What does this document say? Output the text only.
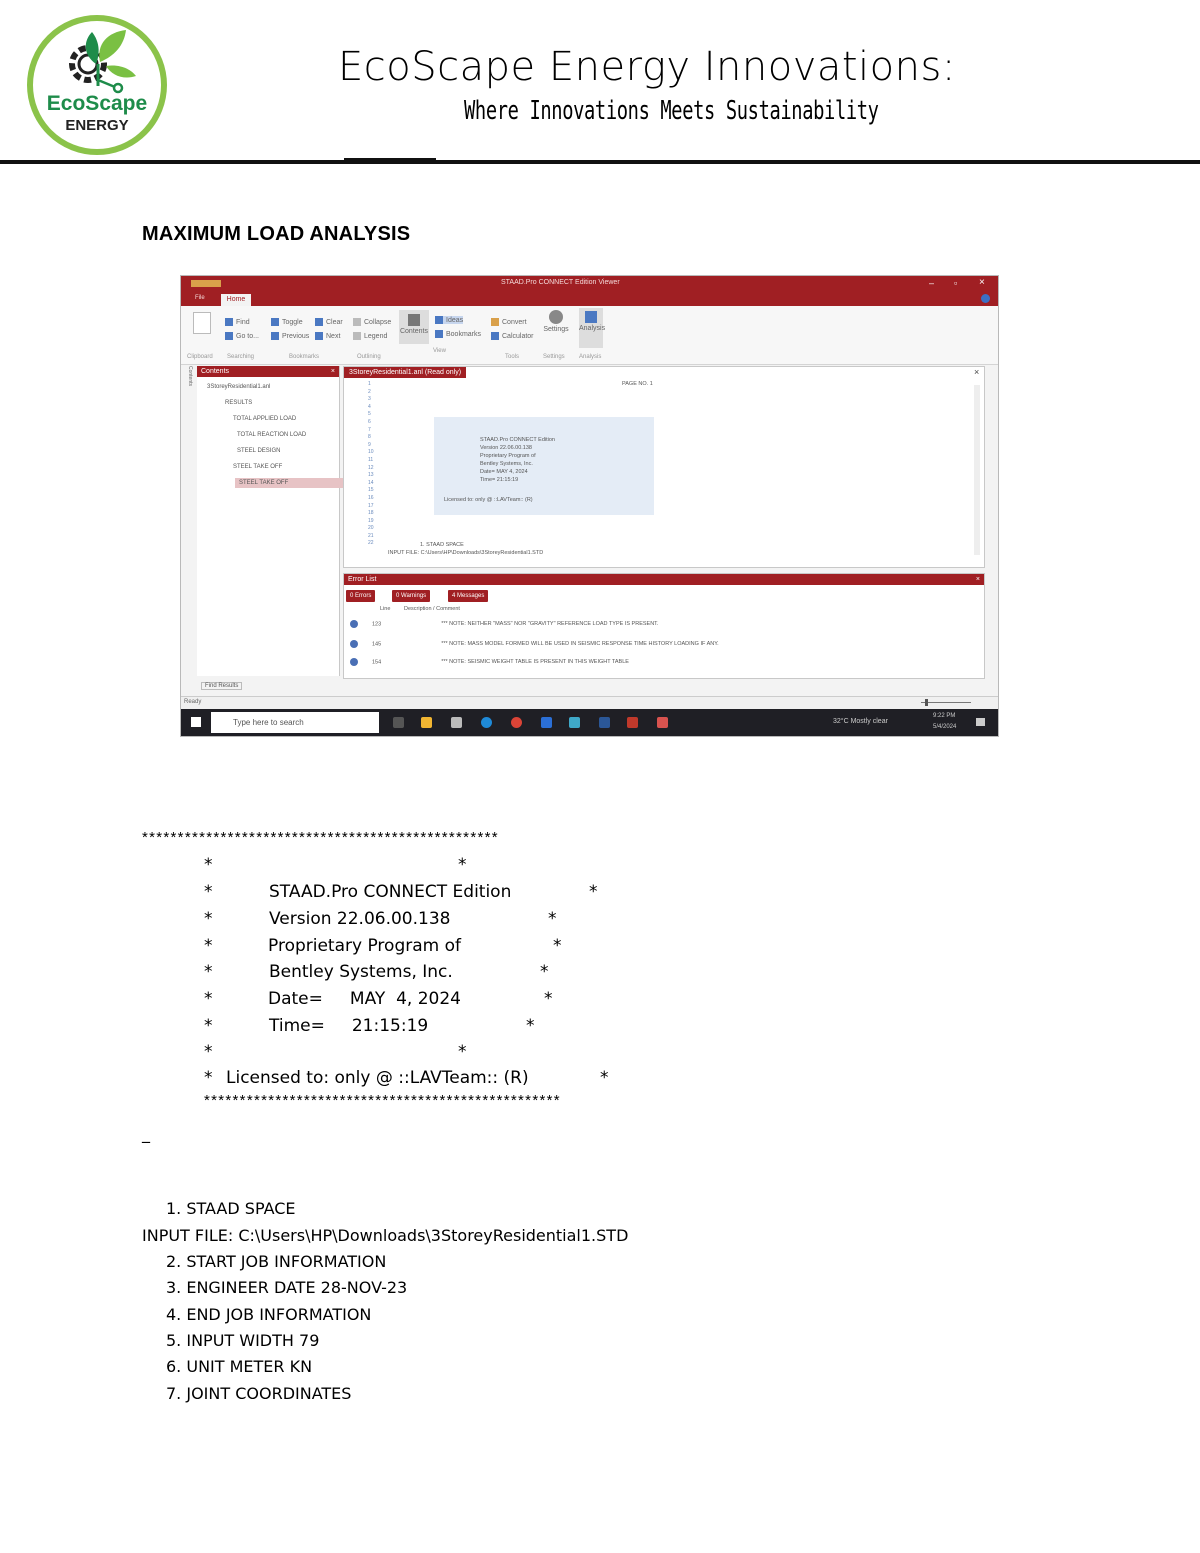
EcoScape
ENERGY
EcoScape Energy Innovations:
Where Innovations Meets Sustainability
MAXIMUM LOAD ANALYSIS
STAAD.Pro CONNECT Edition Viewer	– ▫ ×
File	Home
Find
Go to...
Toggle
Previous
Clear
Next
Collapse
Legend
Contents
Ideas
Bookmarks
Convert
Calculator
Settings Analysis
Clipboard Searching	Bookmarks	Outlining
View
Tools	Settings Analysis
Contents	Contents	×
3StoreyResidential1.anl
RESULTS
TOTAL APPLIED LOAD
TOTAL REACTION LOAD
STEEL DESIGN
STEEL TAKE OFF
STEEL TAKE OFF
3StoreyResidential1.anl (Read only)	×
1
2
3
4
5
6
7
8
9
10
11
12
13
14
15
16
17
18
19
20
21
22
PAGE NO. 1
STAAD.Pro CONNECT Edition
Version 22.06.00.138
Proprietary Program of
Bentley Systems, Inc.
Date= MAY 4, 2024
Time= 21:15:19
Licensed to: only @ ::LAVTeam:: (R)
1. STAAD SPACE
INPUT FILE: C:\Users\HP\Downloads\3StoreyResidential1.STD
Error List	×
0 Errors	0 Warnings	4 Messages
Line Description / Comment
123	*** NOTE: NEITHER "MASS" NOR "GRAVITY" REFERENCE LOAD TYPE IS PRESENT.
145	*** NOTE: MASS MODEL FORMED WILL BE USED IN SEISMIC RESPONSE TIME HISTORY LOADING IF ANY.
154	*** NOTE: SEISMIC WEIGHT TABLE IS PRESENT IN THIS WEIGHT TABLE
Find Results
Ready
Type here to search	32°C Mostly clear
9:22 PM
5/4/2024
**************************************************
*	*
*	STAAD.Pro CONNECT Edition	*
*	Version 22.06.00.138	*
*	Proprietary Program of	*
*	Bentley Systems, Inc.	*
*	Date=     MAY  4, 2024	*
*	Time=     21:15:19	*
*	*
* Licensed to: only @ ::LAVTeam:: (R)	*
**************************************************
_
1. STAAD SPACE
INPUT FILE: C:\Users\HP\Downloads\3StoreyResidential1.STD
2. START JOB INFORMATION
3. ENGINEER DATE 28-NOV-23
4. END JOB INFORMATION
5. INPUT WIDTH 79
6. UNIT METER KN
7. JOINT COORDINATES
